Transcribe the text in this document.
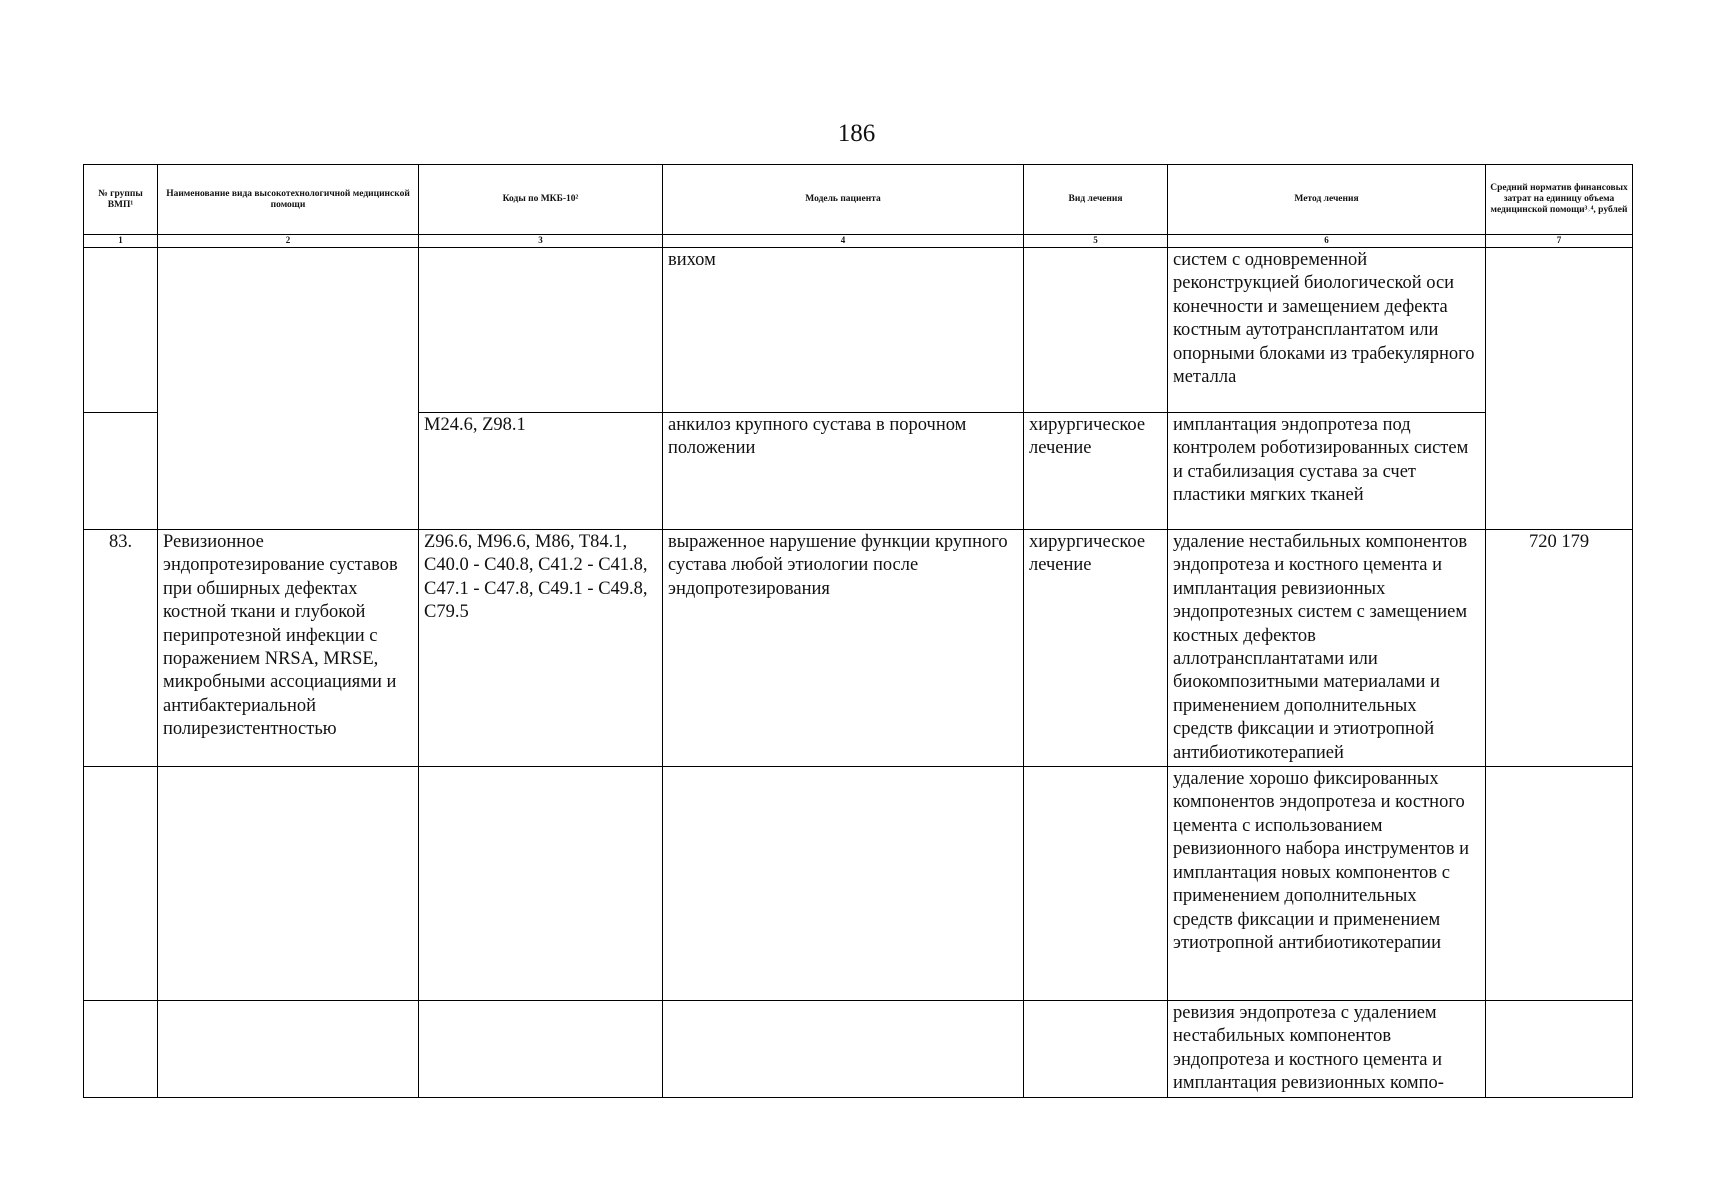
186
№ группы ВМП¹	Наименование вида высокотехнологичной медицинской помощи	Коды по МКБ-10²	Модель пациента	Вид лечения	Метод лечения	Средний норматив финансовых затрат на единицу объема медицинской помощи³˒⁴, рублей
1	2	3	4	5	6	7
			вихом		систем с одновременной реконструкцией биологической оси конечности и замещением дефекта костным аутотрансплантатом или опорными блоками из трабекулярного металла	
		M24.6, Z98.1	анкилоз крупного сустава в порочном положении	хирургическое лечение	имплантация эндопротеза под контролем роботизированных систем и стабилизация сустава за счет пластики мягких тканей	
83.	Ревизионное эндопротезирование суставов при обширных дефектах костной ткани и глубокой перипротезной инфекции с поражением NRSA, MRSE, микробными ассоциациями и антибактериальной полирезистентностью	Z96.6, M96.6, M86, T84.1, C40.0 - C40.8, C41.2 - C41.8, C47.1 - C47.8, C49.1 - C49.8, C79.5	выраженное нарушение функции крупного сустава любой этиологии после эндопротезирования	хирургическое лечение	удаление нестабильных компонентов эндопротеза и костного цемента и имплантация ревизионных эндопротезных систем с замещением костных дефектов аллотрансплантатами или биокомпозитными материалами и применением дополнительных средств фиксации и этиотропной антибиотикотерапией	720 179
					удаление хорошо фиксированных компонентов эндопротеза и костного цемента с использованием ревизионного набора инструментов и имплантация новых компонентов с применением дополнительных средств фиксации и применением этиотропной антибиотикотерапии	
					ревизия эндопротеза с удалением нестабильных компонентов эндопротеза и костного цемента и имплантация ревизионных компо-	
